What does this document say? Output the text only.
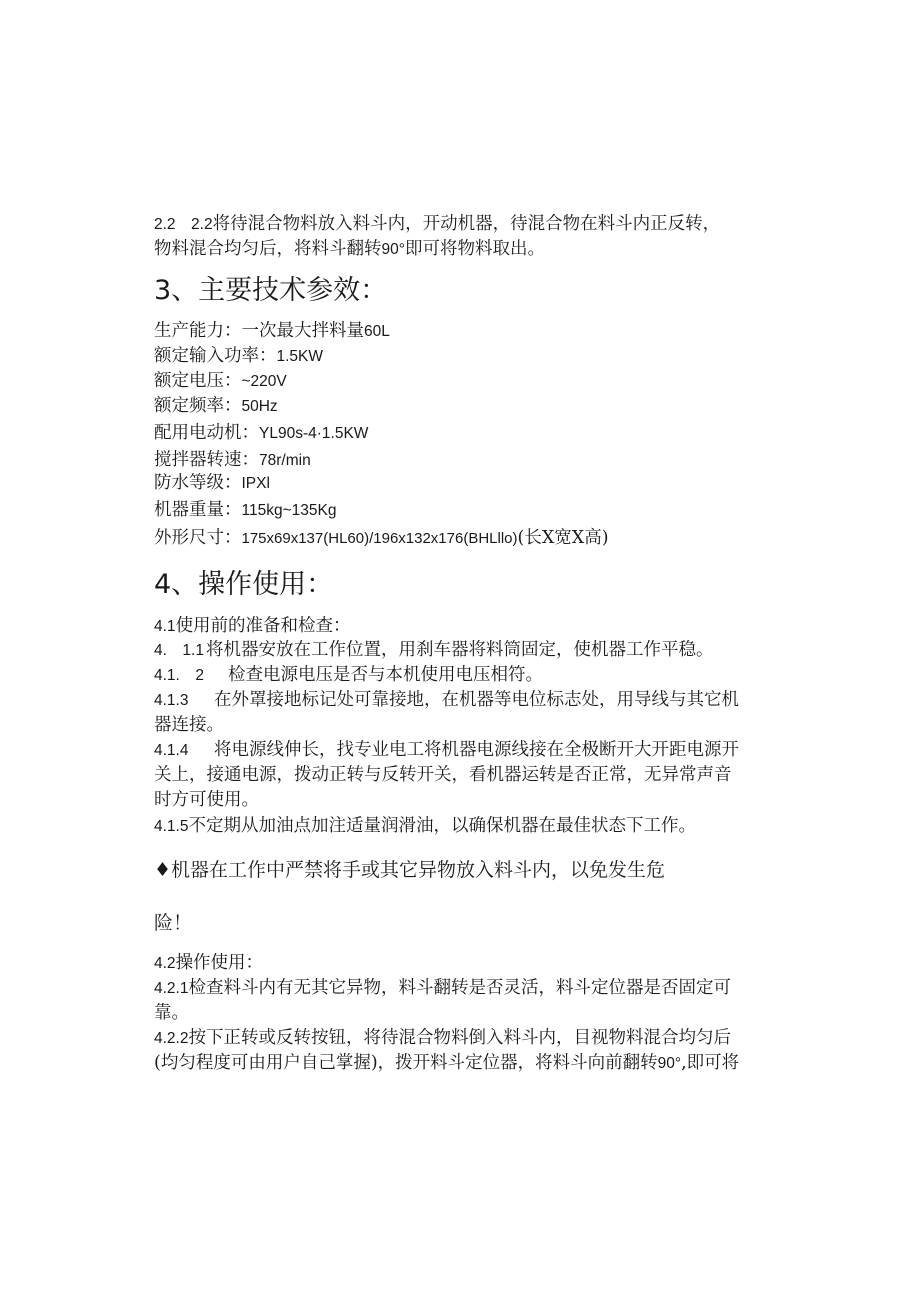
2.2　2.2将待混合物料放入料斗内，开动机器，待混合物在料斗内正反转，
物料混合均匀后，将料斗翻转90°即可将物料取出。
3、主要技术参效：
生产能力：一次最大拌料量60L
额定输入功率：1.5KW
额定电压：~220V
额定频率：50Hz
配用电动机：YL90s-4·1.5KW
搅拌器转速：78r/min
防水等级：IPXl
机器重量：115kg~135Kg
外形尺寸：175x69x137(HL60)/196x132x176(BHLllo)(长X宽X高)
4、操作使用：
4.1使用前的准备和检查：
4.　1.1 将机器安放在工作位置，用刹车器将料筒固定，使机器工作平稳。
4.1.　2 检查电源电压是否与本机使用电压相符。
4.1.3 在外罩接地标记处可靠接地，在机器等电位标志处，用导线与其它机
器连接。
4.1.4 将电源线伸长，找专业电工将机器电源线接在全极断开大开距电源开
关上，接通电源，拨动正转与反转开关，看机器运转是否正常，无异常声音
时方可使用。
4.1.5不定期从加油点加注适量润滑油，以确保机器在最佳状态下工作。
♦机器在工作中严禁将手或其它异物放入料斗内，以免发生危
险！
4.2操作使用：
4.2.1检查料斗内有无其它异物，料斗翻转是否灵活，料斗定位器是否固定可
靠。
4.2.2按下正转或反转按钮，将待混合物料倒入料斗内，目视物料混合均匀后
(均匀程度可由用户自己掌握)，拨开料斗定位器，将料斗向前翻转90°,即可将
